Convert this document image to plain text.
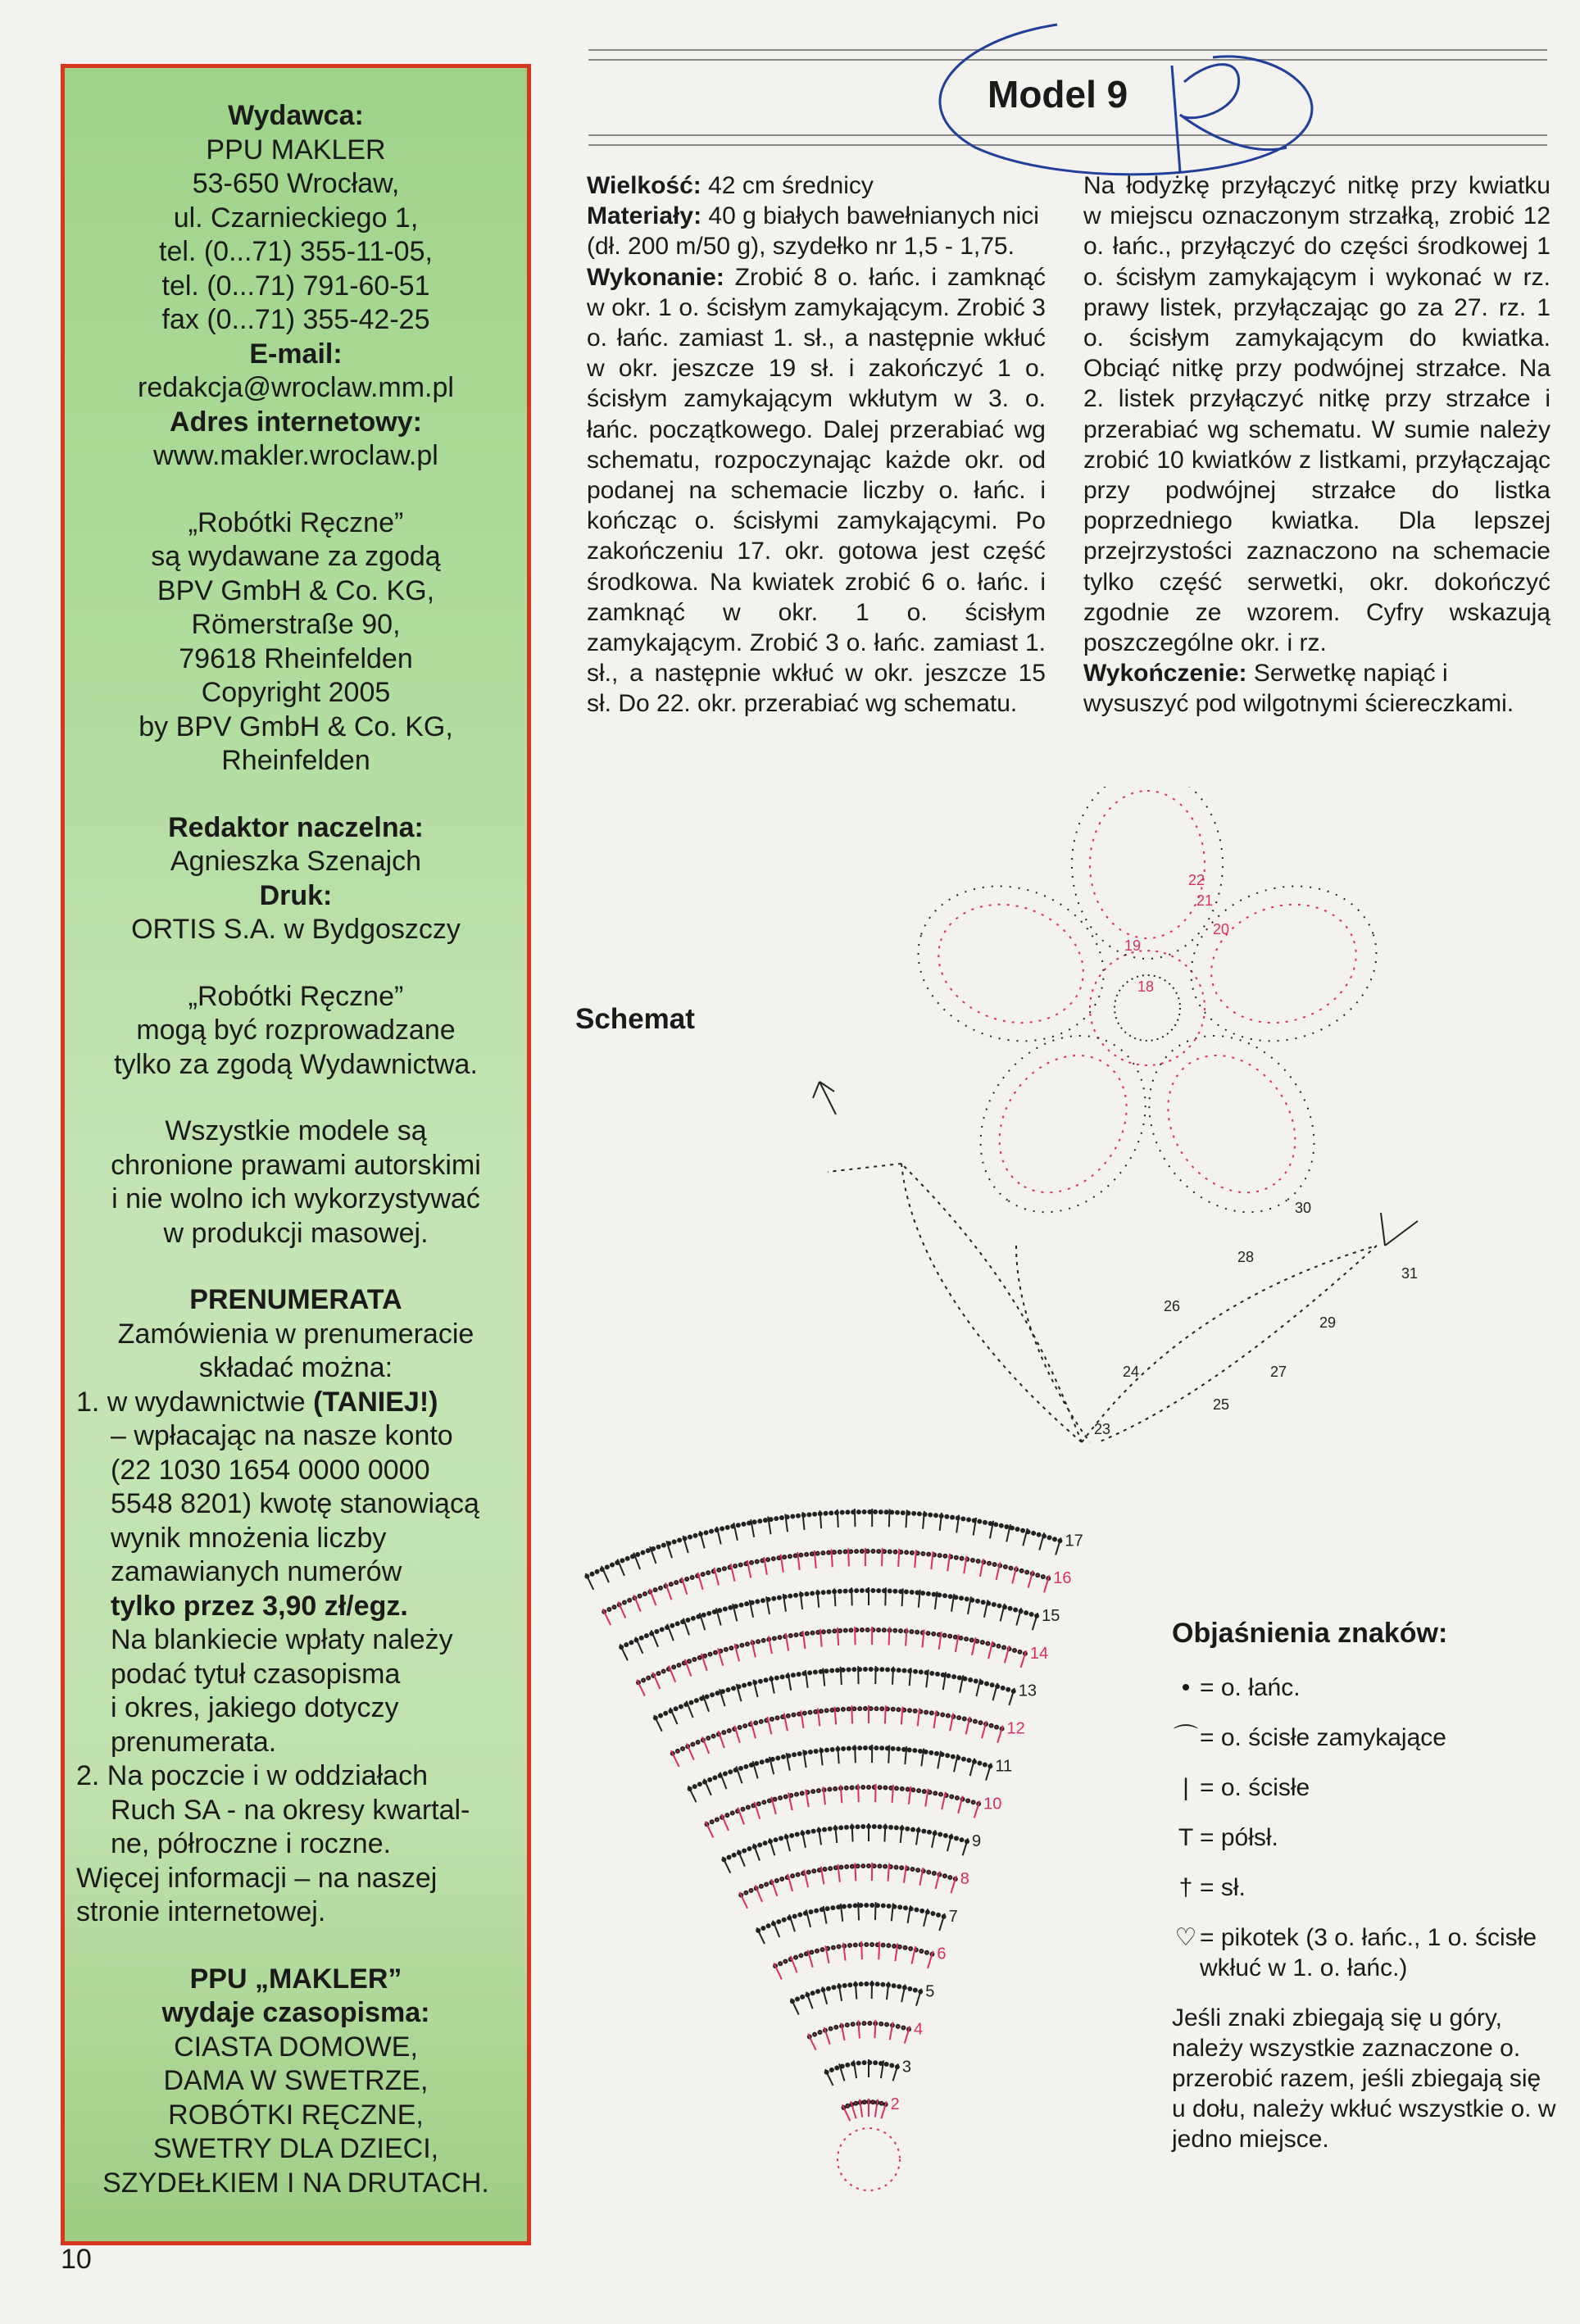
Wydawca:
PPU MAKLER
53-650 Wrocław,
ul. Czarnieckiego 1,
tel. (0...71) 355-11-05,
tel. (0...71) 791-60-51
fax (0...71) 355-42-25
E-mail:
redakcja@wroclaw.mm.pl
Adres internetowy:
www.makler.wroclaw.pl
„Robótki Ręczne”
są wydawane za zgodą
BPV GmbH & Co. KG,
Römerstraße 90,
79618 Rheinfelden
Copyright 2005
by BPV GmbH & Co. KG,
Rheinfelden
Redaktor naczelna:
Agnieszka Szenajch
Druk:
ORTIS S.A. w Bydgoszczy
„Robótki Ręczne”
mogą być rozprowadzane
tylko za zgodą Wydawnictwa.
Wszystkie modele są
chronione prawami autorskimi
i nie wolno ich wykorzystywać
w produkcji masowej.
PRENUMERATA
Zamówienia w prenumeracie
składać można:
1. w wydawnictwie (TANIEJ!)
– wpłacając na nasze konto
(22 1030 1654 0000 0000
5548 8201) kwotę stanowiącą
wynik mnożenia liczby
zamawianych numerów
tylko przez 3,90 zł/egz.
Na blankiecie wpłaty należy
podać tytuł czasopisma
i okres, jakiego dotyczy
prenumerata.
2. Na poczcie i w oddziałach
Ruch SA - na okresy kwartal-
ne, półroczne i roczne.
Więcej informacji – na naszej
stronie internetowej.
PPU „MAKLER”
wydaje czasopisma:
CIASTA DOMOWE,
DAMA W SWETRZE,
ROBÓTKI RĘCZNE,
SWETRY DLA DZIECI,
SZYDEŁKIEM I NA DRUTACH.
10
Model 9

Wielkość: 42 cm średnicy

Materiały: 40 g białych bawełnianych nici (dł. 200 m/50 g), szydełko nr 1,5 - 1,75.

Wykonanie: Zrobić 8 o. łańc. i zamknąć w okr. 1 o. ścisłym zamykającym. Zrobić 3 o. łańc. zamiast 1. sł., a następnie wkłuć w okr. jeszcze 19 sł. i zakończyć 1 o. ścisłym zamykającym wkłutym w 3. o. łańc. początkowego. Dalej przerabiać wg schematu, rozpoczynając każde okr. od podanej na schemacie liczby o. łańc. i kończąc o. ścisłymi zamykającymi. Po zakończeniu 17. okr. gotowa jest część środkowa. Na kwiatek zrobić 6 o. łańc. i zamknąć w okr. 1 o. ścisłym zamykającym. Zrobić 3 o. łańc. zamiast 1. sł., a następnie wkłuć w okr. jeszcze 15 sł. Do 22. okr. przerabiać wg schematu.

Na łodyżkę przyłączyć nitkę przy kwiatku w miejscu oznaczonym strzałką, zrobić 12 o. łańc., przyłączyć do części środkowej 1 o. ścisłym zamykającym i wykonać w rz. prawy listek, przyłączając go za 27. rz. 1 o. ścisłym zamykającym do kwiatka. Obciąć nitkę przy podwójnej strzałce. Na 2. listek przyłączyć nitkę przy strzałce i przerabiać wg schematu. W sumie należy zrobić 10 kwiatków z listkami, przyłączając przy podwójnej strzałce do listka poprzedniego kwiatka. Dla lepszej przejrzystości zaznaczono na schemacie tylko część serwetki, okr. dokończyć zgodnie ze wzorem. Cyfry wskazują poszczególne okr. i rz.

Wykończenie: Serwetkę napiąć i wysuszyć pod wilgotnymi ściereczkami.

Schemat
2
3
4
5
6
7
8
9
10
11
12
13
14
15
16
17
23
24
25
26
27
28
29
30
31
18
19
20
21
22
Objaśnienia znaków:
• = o. łańc.
⌒ = o. ścisłe zamykające
| = o. ścisłe
T = półsł.
† = sł.
♡ = pikotek (3 o. łańc., 1 o. ścisłe wkłuć w 1. o. łańc.)
Jeśli znaki zbiegają się u góry, należy wszystkie zaznaczone o. przerobić razem, jeśli zbiegają się u dołu, należy wkłuć wszystkie o. w jedno miejsce.
